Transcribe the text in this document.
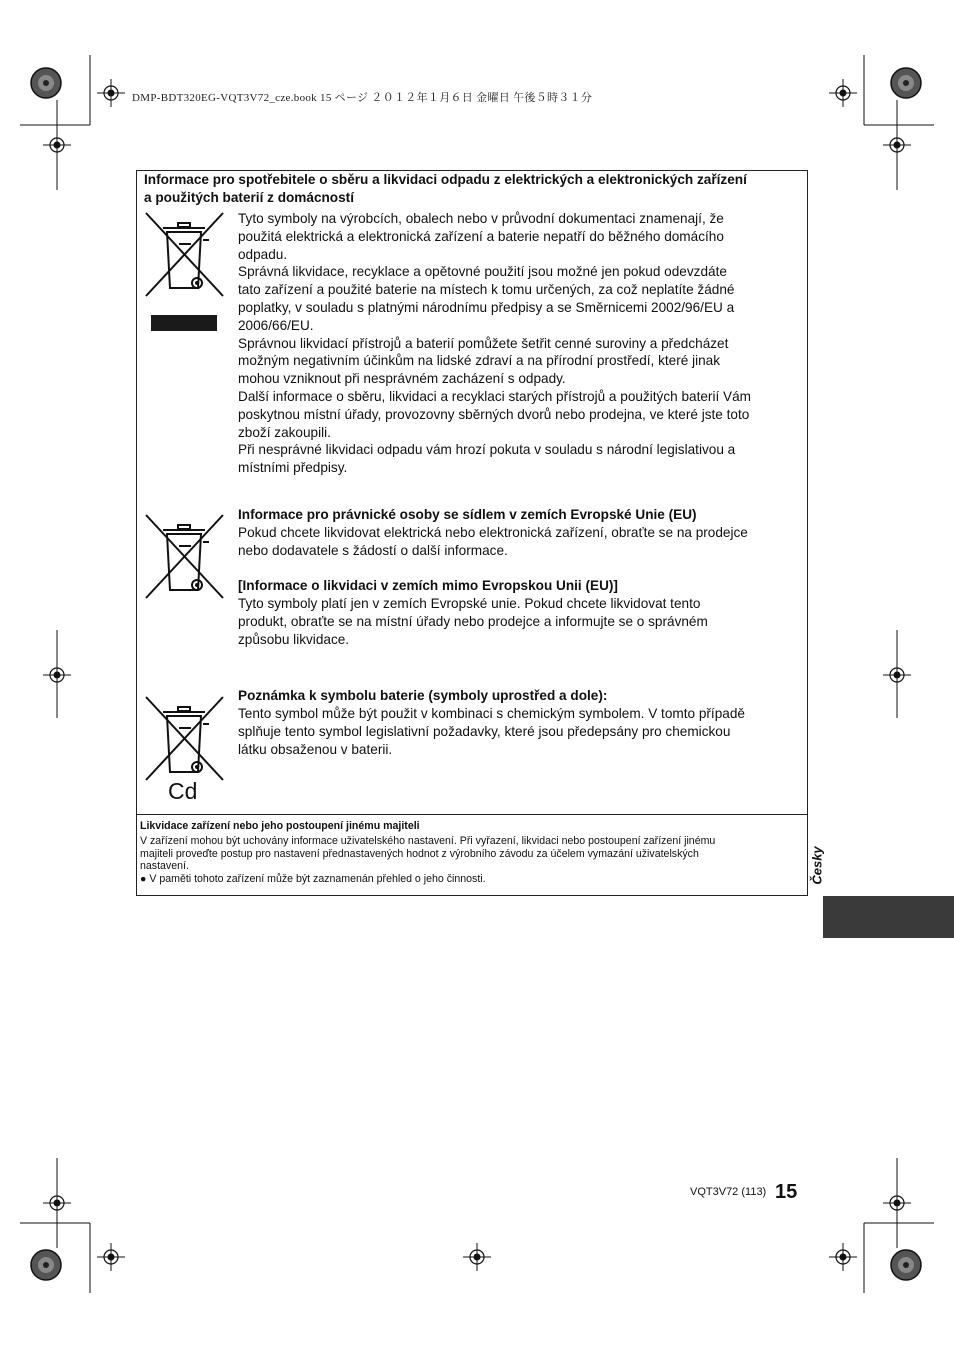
DMP-BDT320EG-VQT3V72_cze.book 15 ページ ２０１２年１月６日 金曜日 午後５時３１分
Informace pro spotřebitele o sběru a likvidaci odpadu z elektrických a elektronických zařízení
a použitých baterií z domácností
Tyto symboly na výrobcích, obalech nebo v průvodní dokumentaci znamenají, že
použitá elektrická a elektronická zařízení a baterie nepatří do běžného domácího
odpadu.
Správná likvidace, recyklace a opětovné použití jsou možné jen pokud odevzdáte
tato zařízení a použité baterie na místech k tomu určených, za což neplatíte žádné
poplatky, v souladu s platnými národnímu předpisy a se Směrnicemi 2002/96/EU a
2006/66/EU.
Správnou likvidací přístrojů a baterií pomůžete šetřit cenné suroviny a předcházet
možným negativním účinkům na lidské zdraví a na přírodní prostředí, které jinak
mohou vzniknout při nesprávném zacházení s odpady.
Další informace o sběru, likvidaci a recyklaci starých přístrojů a použitých baterií Vám
poskytnou místní úřady, provozovny sběrných dvorů nebo prodejna, ve které jste toto
zboží zakoupili.
Při nesprávné likvidaci odpadu vám hrozí pokuta v souladu s národní legislativou a
místními předpisy.
Informace pro právnické osoby se sídlem v zemích Evropské Unie (EU)
Pokud chcete likvidovat elektrická nebo elektronická zařízení, obraťte se na prodejce
nebo dodavatele s žádostí o další informace.
[Informace o likvidaci v zemích mimo Evropskou Unii (EU)]
Tyto symboly platí jen v zemích Evropské unie. Pokud chcete likvidovat tento
produkt, obraťte se na místní úřady nebo prodejce a informujte se o správném
způsobu likvidace.
Cd
Poznámka k symbolu baterie (symboly uprostřed a dole):
Tento symbol může být použit v kombinaci s chemickým symbolem. V tomto případě
splňuje tento symbol legislativní požadavky, které jsou předepsány pro chemickou
látku obsaženou v baterii.
Likvidace zařízení nebo jeho postoupení jinému majiteli
V zařízení mohou být uchovány informace uživatelského nastavení. Při vyřazení, likvidaci nebo postoupení zařízení jinému
majiteli proveďte postup pro nastavení přednastavených hodnot z výrobního závodu za účelem vymazání uživatelských
nastavení.
● V paměti tohoto zařízení může být zaznamenán přehled o jeho činnosti.	Česky
VQT3V72 (113) 15
